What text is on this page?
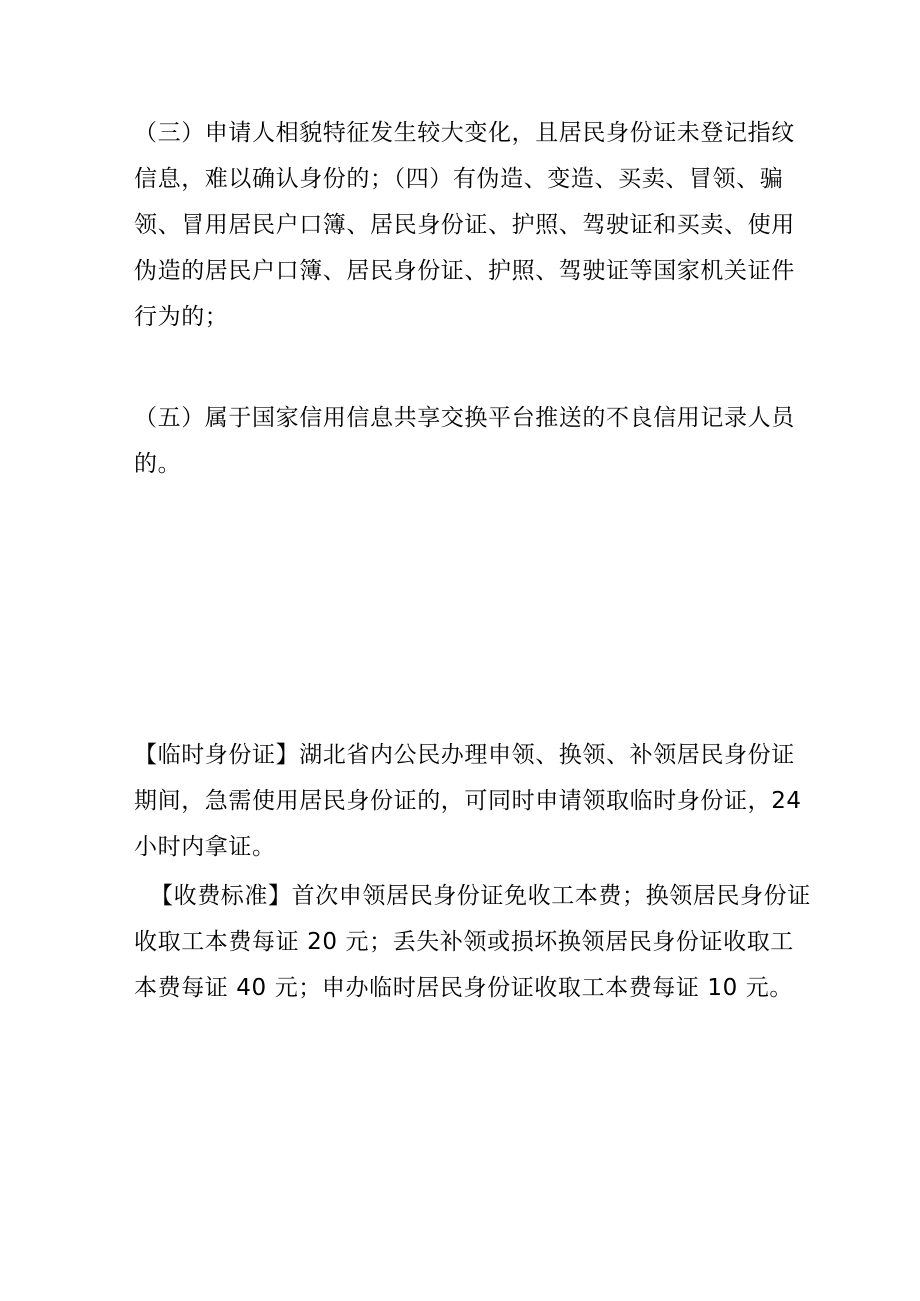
（三）申请人相貌特征发生较大变化，且居民身份证未登记指纹
信息，难以确认身份的；（四）有伪造、变造、买卖、冒领、骗
领、冒用居民户口簿、居民身份证、护照、驾驶证和买卖、使用
伪造的居民户口簿、居民身份证、护照、驾驶证等国家机关证件
行为的；

（五）属于国家信用信息共享交换平台推送的不良信用记录人员
的。

【临时身份证】湖北省内公民办理申领、换领、补领居民身份证
期间，急需使用居民身份证的，可同时申请领取临时身份证，24
小时内拿证。

【收费标准】首次申领居民身份证免收工本费；换领居民身份证
收取工本费每证 20 元；丢失补领或损坏换领居民身份证收取工
本费每证 40 元；申办临时居民身份证收取工本费每证 10 元。
